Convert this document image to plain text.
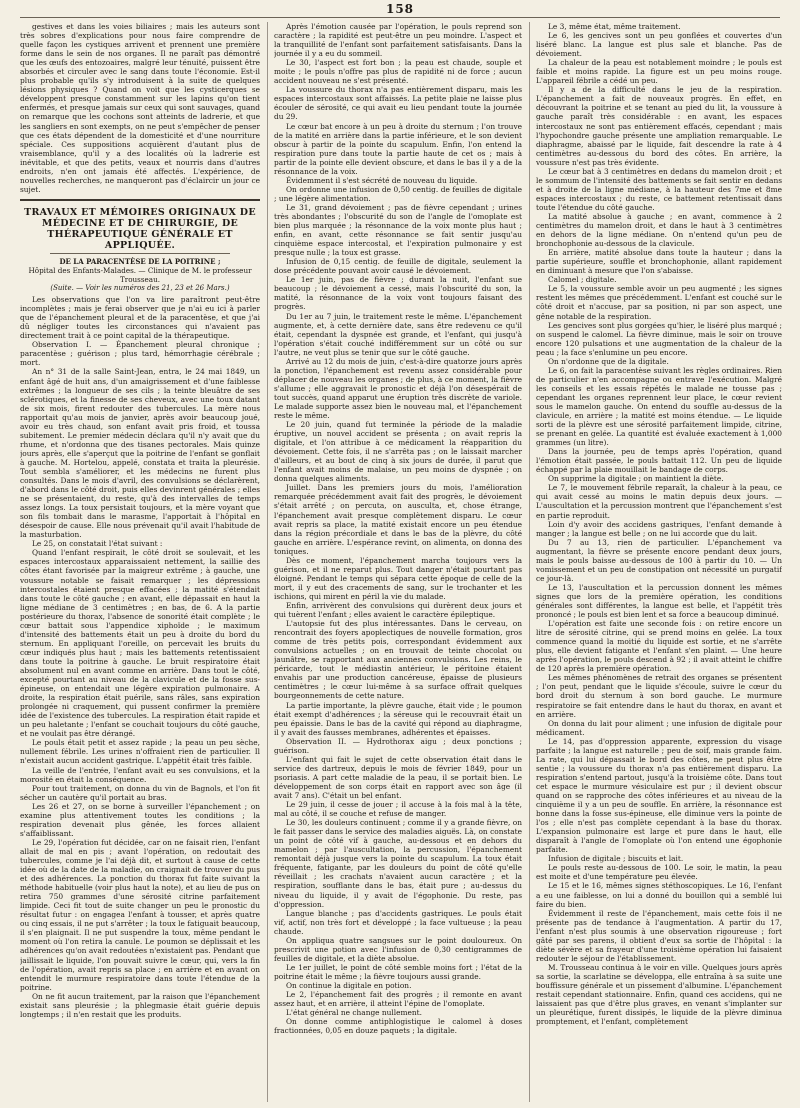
158

gestives et dans les voies biliaires ; mais les auteurs sont très sobres d'explications pour nous faire comprendre de quelle façon les cystiques arrivent et prennent une première forme dans le sein de nos organes. Il ne paraît pas démontré que les œufs des entozoaires, malgré leur ténuité, puissent être absorbés et circuler avec le sang dans toute l'économie. Est-il plus probable qu'ils s'y introduisent à la suite de quelques lésions physiques ? Quand on voit que les cysticerques se développent presque constamment sur les lapins qu'on tient enfermés, et presque jamais sur ceux qui sont sauvages, quand on remarque que les cochons sont atteints de ladrerie, et que les sangliers en sont exempts, on ne peut s'empêcher de penser que ces états dépendent de la domesticité et d'une nourriture spéciale. Ces suppositions acquièrent d'autant plus de vraisemblance, qu'il y a des localités où la ladrerie est inévitable, et que des petits, veaux et nourris dans d'autres endroits, n'en ont jamais été affectés. L'expérience, de nouvelles recherches, ne manqueront pas d'éclaircir un jour ce sujet.

TRAVAUX ET MÉMOIRES ORIGINAUX DE MÉDECINE ET DE CHIRURGIE, DE THÉRAPEUTIQUE GÉNÉRALE ET APPLIQUÉE.
DE LA PARACENTÈSE DE LA POITRINE ;
Hôpital des Enfants-Malades. — Clinique de M. le professeur Trousseau.
(Suite. — Voir les numéros des 21, 23 et 26 Mars.)

Les observations que l'on va lire paraîtront peut-être incomplètes ; mais je ferai observer que je n'ai eu ici à parler que de l'épanchement pleural et de la paracentèse, et que j'ai dû négliger toutes les circonstances qui n'avaient pas directement trait à ce point capital de la thérapeutique.

Observation I. — Épanchement pleural chronique ; paracentèse ; guérison ; plus tard, hémorrhagie cérébrale ; mort.

An n° 31 de la salle Saint-Jean, entra, le 24 mai 1849, un enfant âgé de huit ans, d'un amaigrissement et d'une faiblesse extrêmes ; la longueur de ses cils ; la teinte bleuâtre de ses sclérotiques, et la finesse de ses cheveux, avec une toux datant de six mois, firent redouter des tubercules. La mère nous rapportait qu'au mois de janvier, après avoir beaucoup joué, avoir eu très chaud, son enfant avait pris froid, et toussa subitement. Le premier médecin déclara qu'il n'y avait que du rhume, et n'ordonna que des tisanes pectorales. Mais quinze jours après, elle s'aperçut que la poitrine de l'enfant se gonflait à gauche. M. Hortelou, appelé, constata et traita la pleurésie. Tout sembla s'améliorer, et les médecins ne furent plus consultés. Dans le mois d'avril, des convulsions se déclarèrent, d'abord dans le côté droit, puis elles devinrent générales ; elles ne se présentaient, du reste, qu'à des intervalles de temps assez longs. La toux persistait toujours, et la mère voyant que son fils tombait dans le marasme, l'apportait à l'hôpital en désespoir de cause. Elle nous prévenait qu'il avait l'habitude de la masturbation.

Le 25, on constatait l'état suivant :

Quand l'enfant respirait, le côté droit se soulevait, et les espaces intercostaux apparaissaient nettement, la saillie des côtes étant favorisée par la maigreur extrême ; à gauche, une voussure notable se faisait remarquer ; les dépressions intercostales étaient presque effacées ; la matité s'étendait dans toute le côté gauche ; en avant, elle dépassait en haut la ligne médiane de 3 centimètres ; en bas, de 6. A la partie postérieure du thorax, l'absence de sonorité était complète ; le cœur battait sous l'appendice xiphoïde ; le maximum d'intensité des battements était un peu à droite du bord du sternum. En appliquant l'oreille, on percevait les bruits du cœur indiqués plus haut ; mais les battements retentissaient dans toute la poitrine à gauche. Le bruit respiratoire était absolument nul en avant comme en arrière. Dans tout le côté, excepté pourtant au niveau de la clavicule et de la fosse sus-épineuse, on entendait une légère expiration pulmonaire. A droite, la respiration était puérile, sans râles, sans expiration prolongée ni craquement, qui pussent confirmer la première idée de l'existence des tubercules. La respiration était rapide et un peu haletante ; l'enfant se couchait toujours du côté gauche, et ne voulait pas être dérangé.

Le pouls était petit et assez rapide ; la peau un peu sèche, nullement fébrile. Les urines n'offraient rien de particulier. Il n'existait aucun accident gastrique. L'appétit était très faible.

La veille de l'entrée, l'enfant avait eu ses convulsions, et la morosité en était la conséquence.

Pour tout traitement, on donna du vin de Bagnols, et l'on fit sécher un cautère qu'il portait au bras.

Les 26 et 27, on se borne à surveiller l'épanchement ; on examine plus attentivement toutes les conditions ; la respiration devenait plus gênée, les forces allaient s'affaiblissant.

Le 29, l'opération fut décidée, car on ne faisait rien, l'enfant allait de mal en pis ; avant l'opération, on redoutait des tubercules, comme je l'ai déjà dit, et surtout à cause de cette idée où de la date de la maladie, on craignait de trouver du pus et des adhérences. La ponction du thorax fut faite suivant la méthode habituelle (voir plus haut la note), et au lieu de pus on retira 750 grammes d'une sérosité citrine parfaitement limpide. Ceci fit tout de suite changer un peu le pronostic du résultat futur : on engagea l'enfant à tousser, et après quatre ou cinq essais, il ne put s'arrêter ; la toux le fatiguait beaucoup, il s'en plaignait. Il ne put suspendre la toux, même pendant le moment où l'on retira la canule. Le poumon se déplissait et les adhérences qu'on avait redoutées n'existaient pas. Pendant que jaillissait le liquide, l'on pouvait suivre le cœur, qui, vers la fin de l'opération, avait repris sa place ; en arrière et en avant on entendit le murmure respiratoire dans toute l'étendue de la poitrine.

On ne fit aucun traitement, par la raison que l'épanchement existait sans pleurésie ; la phlegmasie était guérie depuis longtemps ; il n'en restait que les produits.

Après l'émotion causée par l'opération, le pouls reprend son caractère ; la rapidité est peut-être un peu moindre. L'aspect et la tranquillité de l'enfant sont parfaitement satisfaisants. Dans la journée il y a eu du sommeil.

Le 30, l'aspect est fort bon ; la peau est chaude, souple et moite ; le pouls n'offre pas plus de rapidité ni de force ; aucun accident nouveau ne s'est présenté.

La voussure du thorax n'a pas entièrement disparu, mais les espaces intercostaux sont affaissés. La petite plaie ne laisse plus écouler de sérosité, ce qui avait eu lieu pendant toute la journée du 29.

Le cœur bat encore à un peu à droite du sternum ; l'on trouve de la matité en arrière dans la partie inférieure, et le son devient obscur à partir de la pointe du scapulum. Enfin, l'on entend la respiration pure dans toute la partie haute de cet os ; mais à partir de la pointe elle devient obscure, et dans le bas il y a de la résonnance de la voix.

Évidemment il s'est sécrété de nouveau du liquide.

On ordonne une infusion de 0,50 centig. de feuilles de digitale ; une légère alimentation.

Le 31, grand dévoiement ; pas de fièvre cependant ; urines très abondantes ; l'obscurité du son de l'angle de l'omoplate est bien plus marquée ; la résonnance de la voix monte plus haut ; enfin, en avant, cette résonnance se fait sentir jusqu'au cinquième espace intercostal, et l'expiration pulmonaire y est presque nulle ; la toux est grasse.

Infusion de 0,15 centig. de feuille de digitale, seulement la dose précédente pouvant avoir causé le dévoiement.

Le 1er juin, pas de fièvre ; durant la nuit, l'enfant sue beaucoup ; le dévoiement a cessé, mais l'obscurité du son, la matité, la résonnance de la voix vont toujours faisant des progrès.

Du 1er au 7 juin, le traitement reste le même. L'épanchement augmente, et, à cette dernière date, sans être redevenu ce qu'il était, cependant la dyspnée est grande, et l'enfant, qui jusqu'à l'opération s'était couché indifféremment sur un côté ou sur l'autre, ne veut plus se tenir que sur le côté gauche.

Arrivé au 12 du mois de juin, c'est-à-dire quatorze jours après la ponction, l'épanchement est revenu assez considérable pour déplacer de nouveau les organes ; de plus, à ce moment, la fièvre s'allume ; elle aggravait le pronostic et déjà l'on désespérait de tout succès, quand apparut une éruption très discrète de variole. Le malade supporte assez bien le nouveau mal, et l'épanchement reste le même.

Le 20 juin, quand fut terminée la période de la maladie éruptive, un nouvel accident se présenta ; on avait repris la digitale, et l'on attribue à ce médicament la réapparition du dévoiement. Cette fois, il ne s'arrêta pas ; on le laissait marcher d'ailleurs, et au bout de cinq à six jours de durée, il parut que l'enfant avait moins de malaise, un peu moins de dyspnée ; on donna quelques aliments.

Juillet. Dans les premiers jours du mois, l'amélioration remarquée précédemment avait fait des progrès, le dévoiement s'était arrêté ; on percuta, on ausculta, et, chose étrange, l'épanchement avait presque complètement disparu. Le cœur avait repris sa place, la matité existait encore un peu étendue dans la région précordiale et dans le bas de la plèvre, du côté gauche en arrière. L'espérance revint, on alimenta, on donna des toniques.

Dès ce moment, l'épanchement marcha toujours vers la guérison, et il ne reparut plus. Tout danger n'était pourtant pas éloigné. Pendant le temps qui sépara cette époque de celle de la mort, il y eut des cracements de sang, sur le trochanter et les ischions, qui mirent en péril la vie du malade.

Enfin, arrivèrent des convulsions qui durèrent deux jours et qui tuèrent l'enfant ; elles avaient le caractère épileptique.

L'autopsie fut des plus intéressantes. Dans le cerveau, on rencontrait des foyers apoplectiques de nouvelle formation, gros comme de très petits pois, correspondant évidemment aux convulsions actuelles ; on en trouvait de teinte chocolat ou jaunâtre, se rapportant aux anciennes convulsions. Les reins, le péricarde, tout le médiastin antérieur, le péritoine étaient envahis par une production cancéreuse, épaisse de plusieurs centimètres ; le cœur lui-même à sa surface offrait quelques bourgeonnements de cette nature.

La partie importante, la plèvre gauche, était vide ; le poumon était exempt d'adhérences ; la séreuse qui le recouvrait était un peu épaissie. Dans le bas de la cavité qui répond au diaphragme, il y avait des fausses membranes, adhérentes et épaisses.

Observation II. — Hydrothorax aigu ; deux ponctions ; guérison.

L'enfant qui fait le sujet de cette observation était dans le service des dartreux, depuis le mois de février 1849, pour un psoriasis. A part cette maladie de la peau, il se portait bien. Le développement de son corps était en rapport avec son âge (il avait 7 ans). C'était un bel enfant.

Le 29 juin, il cesse de jouer ; il accuse à la fois mal à la tête, mal au côté, il se couche et refuse de manger.

Le 30, les douleurs continuent ; comme il y a grande fièvre, on le fait passer dans le service des maladies aiguës. Là, on constate un point de côté vif à gauche, au-dessous et en dehors du mamelon ; par l'auscultation, la percussion, l'épanchement remontait déjà jusque vers la pointe du scapulum. La toux était fréquente, fatigante, par les douleurs du point de côté qu'elle réveillait ; les crachats n'avaient aucun caractère ; et la respiration, soufflante dans le bas, était pure ; au-dessus du niveau du liquide, il y avait de l'égophonie. Du reste, pas d'oppression.

Langue blanche ; pas d'accidents gastriques. Le pouls était vif, actif, non très fort et développé ; la face vultueuse ; la peau chaude.

On appliqua quatre sangsues sur le point douloureux. On prescrivit une potion avec l'infusion de 0,30 centigrammes de feuilles de digitale, et la diète absolue.

Le 1er juillet, le point de côté semble moins fort ; l'état de la poitrine était le même ; la fièvre toujours aussi grande.

On continue la digitale en potion.

Le 2, l'épanchement fait des progrès ; il remonte en avant assez haut, et en arrière, il atteint l'épine de l'omoplate.

L'état général ne change nullement.

On donne comme antiphlogistique le calomel à doses fractionnées, 0,05 en douze paquets ; la digitale.

Le 3, même état, même traitement.

Le 6, les gencives sont un peu gonflées et couvertes d'un liséré blanc. La langue est plus sale et blanche. Pas de dévoiement.

La chaleur de la peau est notablement moindre ; le pouls est faible et moins rapide. La figure est un peu moins rouge. L'appareil fébrile a cédé un peu.

Il y a de la difficulté dans le jeu de la respiration. L'épanchement a fait de nouveaux progrès. En effet, en découvrant la poitrine et se tenant au pied du lit, la voussure à gauche paraît très considérable : en avant, les espaces intercostaux ne sont pas entièrement effacés, cependant ; mais l'hypochondre gauche présente une ampliation remarquable. Le diaphragme, abaissé par le liquide, fait descendre la rate à 4 centimètres au-dessous du bord des côtes. En arrière, la voussure n'est pas très évidente.

Le cœur bat à 3 centimètres en dedans du mamelon droit ; et le sommum de l'intensité des battements se fait sentir en dedans et à droite de la ligne médiane, à la hauteur des 7me et 8me espaces intercostaux ; du reste, ce battement retentissait dans toute l'étendue du côté gauche.

La matité absolue à gauche ; en avant, commence à 2 centimètres du mamelon droit, et dans le haut à 3 centimètres en dehors de la ligne médiane. On n'entend qu'un peu de bronchophonie au-dessous de la clavicule.

En arrière, matité absolue dans toute la hauteur ; dans la partie supérieure, souffle et bronchophonie, allant rapidement en diminuant à mesure que l'on s'abaisse.

Calomel ; digitale.

Le 5, la voussure semble avoir un peu augmenté ; les signes restent les mêmes que précédemment. L'enfant est couché sur le côté droit et n'accuse, par sa position, ni par son aspect, une gêne notable de la respiration.

Les gencives sont plus gorgées qu'hier, le liséré plus marqué ; on suspend le calomel. La fièvre diminue, mais le soir on trouve encore 120 pulsations et une augmentation de la chaleur de la peau ; la face s'enlumine un peu encore.

On n'ordonne que de la digitale.

Le 6, on fait la paracentèse suivant les règles ordinaires. Rien de particulier n'en accompagne ou entrave l'exécution. Malgré les conseils et les essais répétés le malade ne tousse pas ; cependant les organes reprennent leur place, le cœur revient sous le mamelon gauche. On entend du souffle au-dessus de la clavicule, en arrière ; la matité est moins étendue. — Le liquide sorti de la plèvre est une sérosité parfaitement limpide, citrine, se prenant en gelée. La quantité est évaluée exactement à 1,000 grammes (un litre).

Dans la journée, peu de temps après l'opération, quand l'émotion était passée, le pouls battait 112. Un peu de liquide échappé par la plaie mouillait le bandage de corps.

On supprime la digitale ; on maintient la diète.

Le 7, le mouvement fébrile reparaît, la chaleur à la peau, ce qui avait cessé au moins le matin depuis deux jours. — L'auscultation et la percussion montrent que l'épanchement s'est en partie reproduit.

Loin d'y avoir des accidens gastriques, l'enfant demande à manger ; la langue est belle ; on ne lui accorde que du lait.

Du 7 au 13, rien de particulier. L'épanchement va augmentant, la fièvre se présente encore pendant deux jours, mais le pouls baisse au-dessous de 100 à partir du 10. — Un vomissement et un peu de constipation ont nécessité un purgatif ce jour-là.

Le 13, l'auscultation et la percussion donnent les mêmes signes que lors de la première opération, les conditions générales sont différentes, la langue est belle, et l'appétit très prononcé ; le pouls est bien lent et sa force a beaucoup diminué.

L'opération est faite une seconde fois : on retire encore un litre de sérosité citrine, qui se prend moins en gelée. La toux commence quand la moitié du liquide est sortie, et ne s'arrête plus, elle devient fatigante et l'enfant s'en plaint. — Une heure après l'opération, le pouls descend à 92 ; il avait atteint le chiffre de 120 après la première opération.

Les mêmes phénomènes de retrait des organes se présentent ; l'on peut, pendant que le liquide s'écoule, suivre le cœur du bord droit du sternum à son bord gauche. Le murmure respiratoire se fait entendre dans le haut du thorax, en avant et en arrière.

On donna du lait pour aliment ; une infusion de digitale pour médicament.

Le 14, pas d'oppression apparente, expression du visage parfaite ; la langue est naturelle ; peu de soif, mais grande faim. La rate, qui lui dépassait le bord des côtes, ne peut plus être sentie ; la voussure du thorax n'a pas entièrement disparu. La respiration s'entend partout, jusqu'à la troisième côte. Dans tout cet espace le murmure vésiculaire est pur ; il devient obscur quand on se rapproche des côtes inférieures et au niveau de la cinquième il y a un peu de souffle. En arrière, la résonnance est bonne dans la fosse sus-épineuse, elle diminue vers la pointe de l'os ; elle n'est pas complète cependant à la base du thorax. L'expansion pulmonaire est large et pure dans le haut, elle disparaît à l'angle de l'omoplate où l'on entend une égophonie parfaite.

Infusion de digitale ; biscuits et lait.

Le pouls reste au-dessous de 100. Le soir, le matin, la peau est moite et d'une température peu élevée.

Le 15 et le 16, mêmes signes stéthoscopiques. Le 16, l'enfant a eu une faiblesse, on lui a donné du bouillon qui a semblé lui faire du bien.

Évidemment il reste de l'épanchement, mais cette fois il ne présente pas de tendance à l'augmentation. A partir du 17, l'enfant n'est plus soumis à une observation rigoureuse ; fort gâté par ses parens, il obtient d'eux sa sortie de l'hôpital : la diète sévère et sa frayeur d'une troisième opération lui faisaient redouter le séjour de l'établissement.

M. Trousseau continua à le voir en ville. Quelques jours après sa sortie, la scarlatine se développa, elle entraîna à sa suite une bouffissure générale et un pissement d'albumine. L'épanchement restait cependant stationnaire. Enfin, quand ces accidens, qui ne laissaient pas que d'être plus graves, en venant s'implanter sur un pleurétique, furent dissipés, le liquide de la plèvre diminua promptement, et l'enfant, complètement
